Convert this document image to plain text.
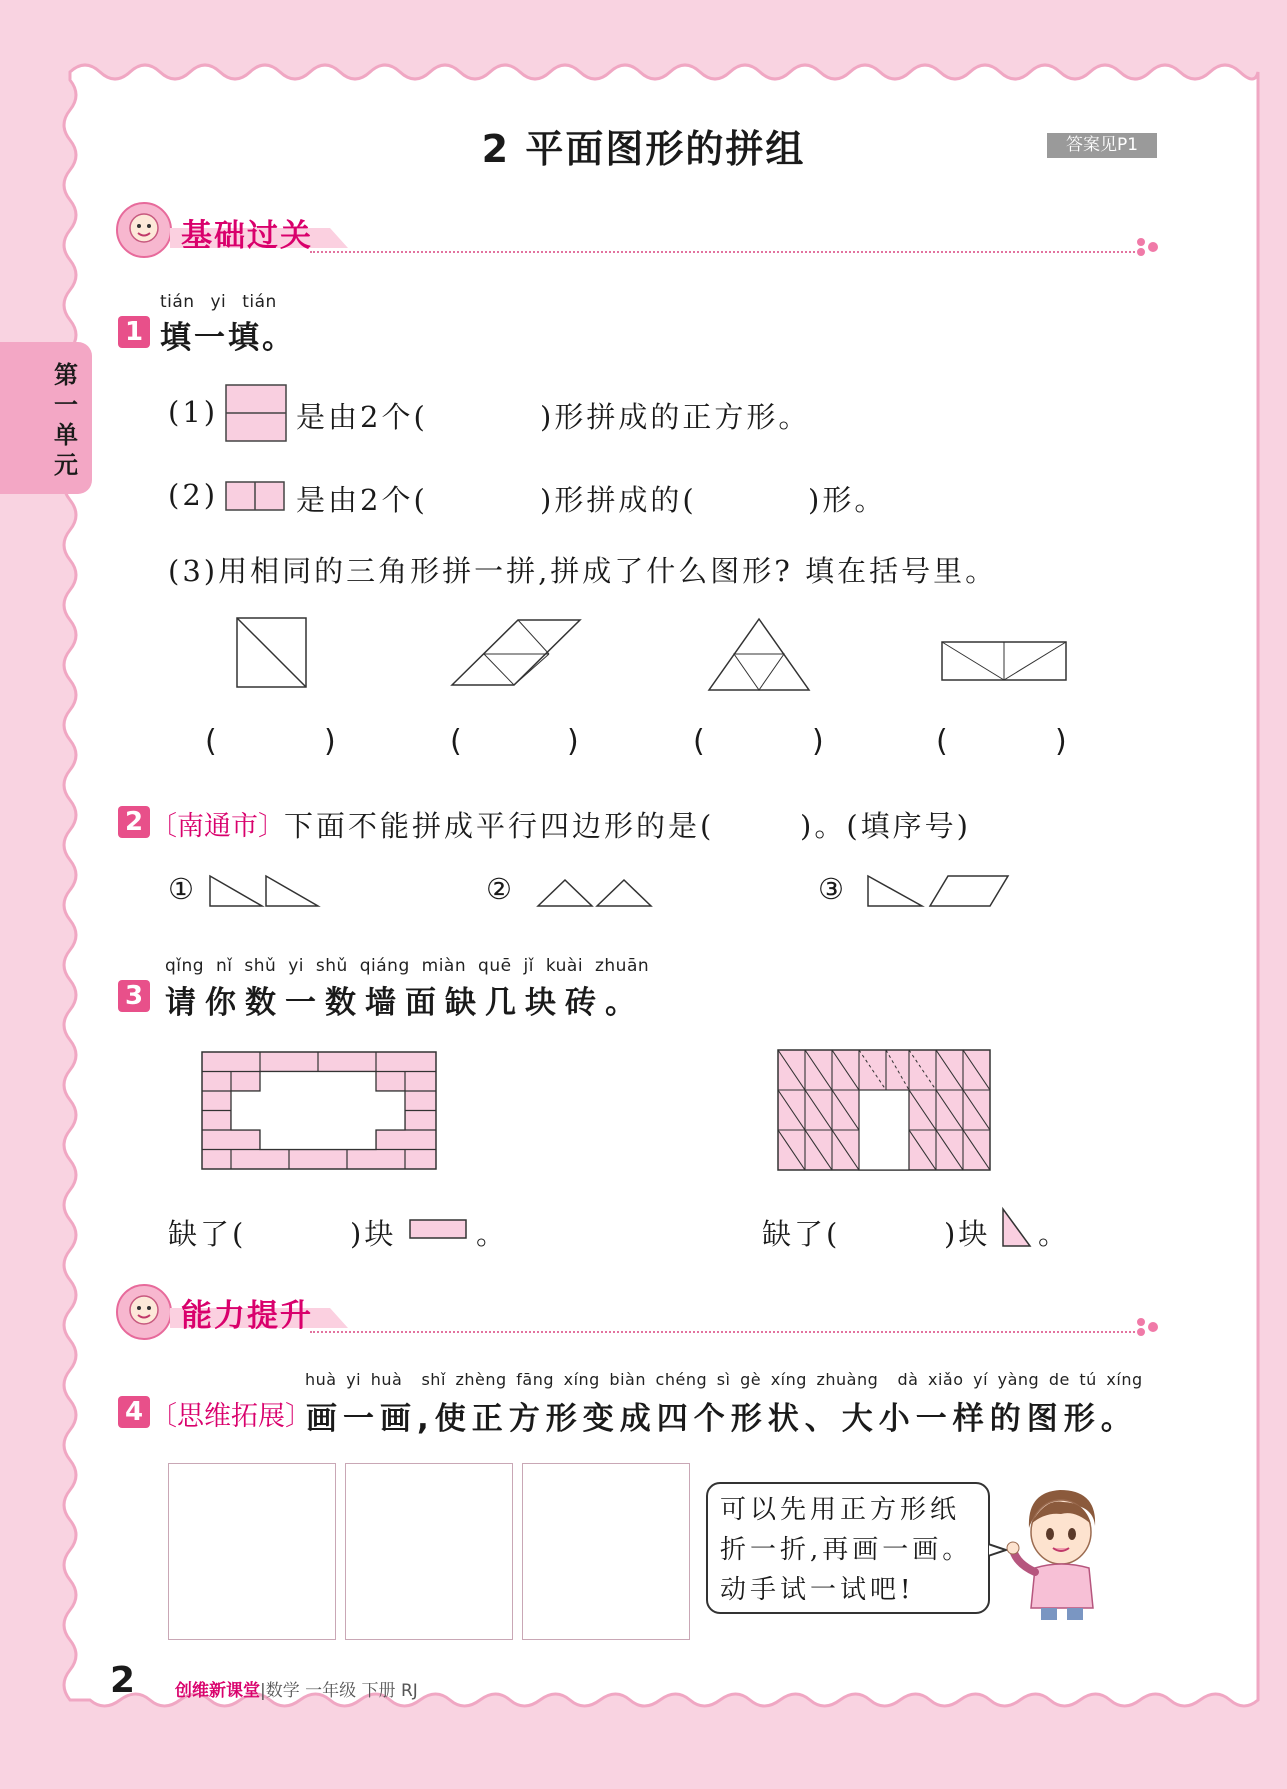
第一单元
2 平面图形的拼组	答案见P1
基础过关
tián yi tián
1 填一填。
(1)	是由2个(	)形拼成的正方形。
(2)	是由2个(	)形拼成的(	)形。
(3)用相同的三角形拼一拼,拼成了什么图形? 填在括号里。
(	)	(	)	(	)	(	)
2 〔南通市〕 下面不能拼成平行四边形的是(	)。(填序号)
①	②	③
qǐng nǐ shǔ yi shǔ qiáng miàn quē jǐ kuài zhuān
3 请你数一数墙面缺几块砖。
缺了(	)块	。	缺了(	)块 。
能力提升
huà yi huà shǐ zhèng fāng xíng biàn chéng sì gè xíng zhuàng dà xiǎo yí yàng de tú xíng
4 〔思维拓展〕
画一画,使正方形变成四个形状、大小一样的图形。
可以先用正方形纸
折一折,再画一画。
动手试一试吧!
2 创维新课堂|数学 一年级 下册 RJ
